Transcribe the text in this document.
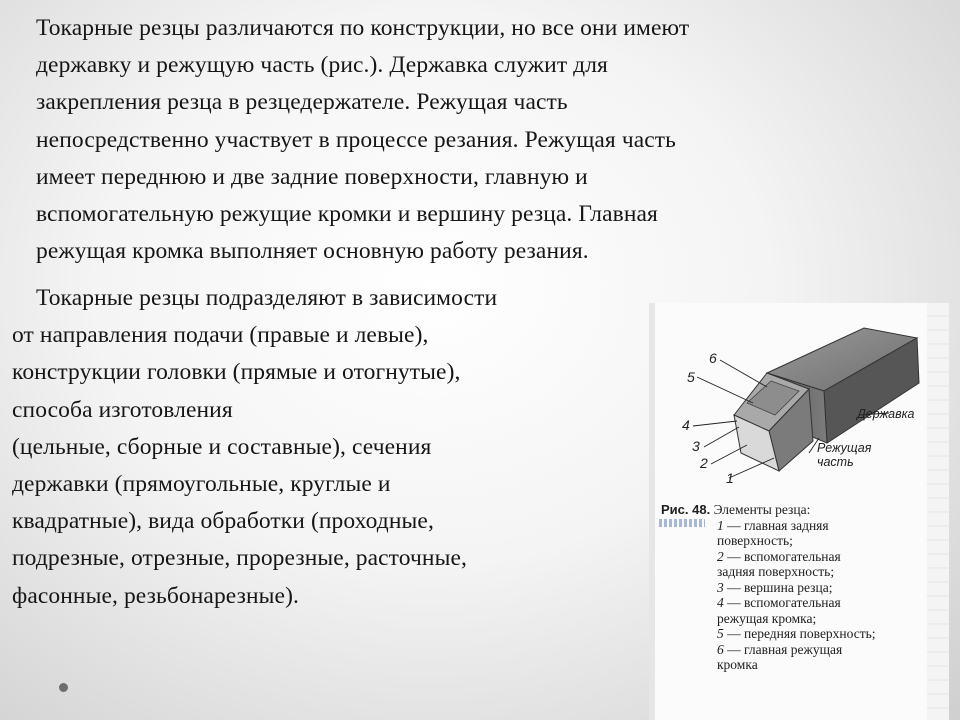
Токарные резцы различаются по конструкции, но все они имеют
державку и режущую часть (рис.). Державка служит для
закрепления резца в резцедержателе. Режущая часть
непосредственно участвует в процессе резания. Режущая часть
имеет переднюю и две задние поверхности, главную и
вспомогательную режущие кромки и вершину резца. Главная
режущая кромка выполняет основную работу резания.

Токарные резцы подразделяют в зависимости
от направления подачи (правые и левые),
конструкции головки (прямые и отогнутые),
способа изготовления
(цельные, сборные и составные), сечения
державки (прямоугольные, круглые и
квадратные), вида обработки (проходные,
подрезные, отрезные, прорезные, расточные,
фасонные, резьбонарезные).

6
5
4
3
2
1
Державка
Режущая
часть
Рис. 48. Элементы резца:
1 — главная задняя
поверхность;
2 — вспомогательная
задняя поверхность;
3 — вершина резца;
4 — вспомогательная
режущая кромка;
5 — передняя поверхность;
6 — главная режущая
кромка
